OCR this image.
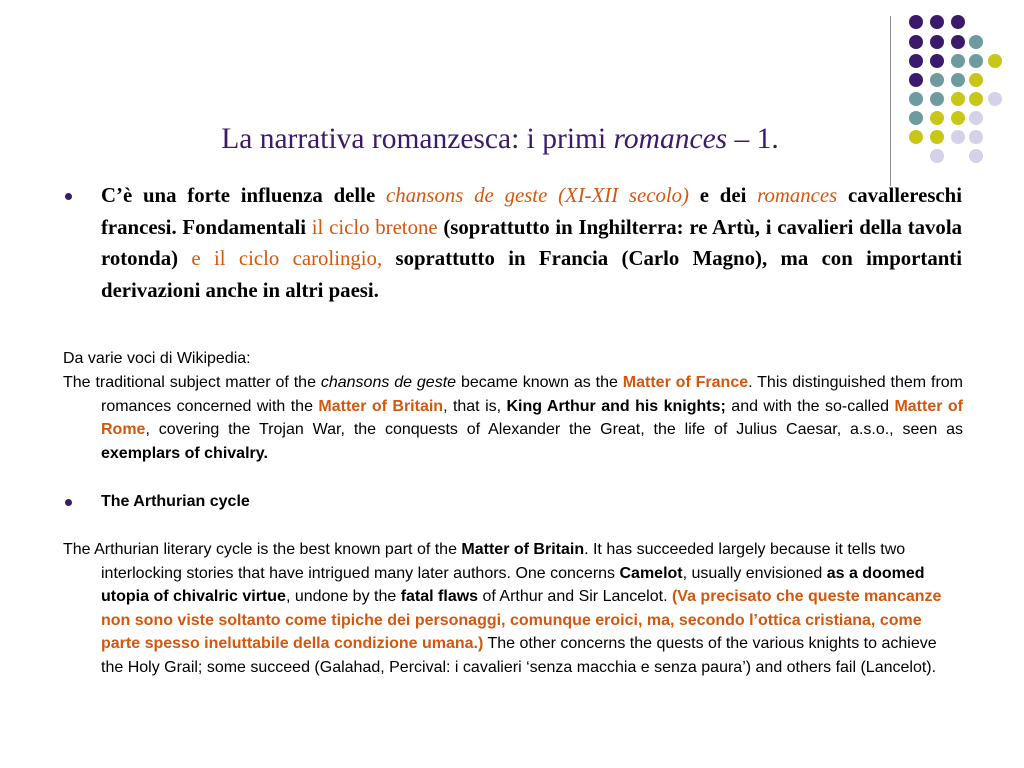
La narrativa romanzesca: i primi romances – 1.

C’è una forte influenza delle chansons de geste (XI-XII secolo) e dei romances cavallereschi francesi. Fondamentali il ciclo bretone (soprattutto in Inghilterra: re Artù, i cavalieri della tavola rotonda) e il ciclo carolingio, soprattutto in Francia (Carlo Magno), ma con importanti derivazioni anche in altri paesi.

Da varie voci di Wikipedia:

The traditional subject matter of the chansons de geste became known as the Matter of France. This distinguished them from romances concerned with the Matter of Britain, that is, King Arthur and his knights; and with the so-called Matter of Rome, covering the Trojan War, the conquests of Alexander the Great, the life of Julius Caesar, a.s.o., seen as exemplars of chivalry.

The Arthurian cycle

The Arthurian literary cycle is the best known part of the Matter of Britain. It has succeeded largely because it tells two interlocking stories that have intrigued many later authors. One concerns Camelot, usually envisioned as a doomed utopia of chivalric virtue, undone by the fatal flaws of Arthur and Sir Lancelot. (Va precisato che queste mancanze non sono viste soltanto come tipiche dei personaggi, comunque eroici, ma, secondo l’ottica cristiana, come parte spesso ineluttabile della condizione umana.) The other concerns the quests of the various knights to achieve the Holy Grail; some succeed (Galahad, Percival: i cavalieri ‘senza macchia e senza paura’) and others fail (Lancelot).
